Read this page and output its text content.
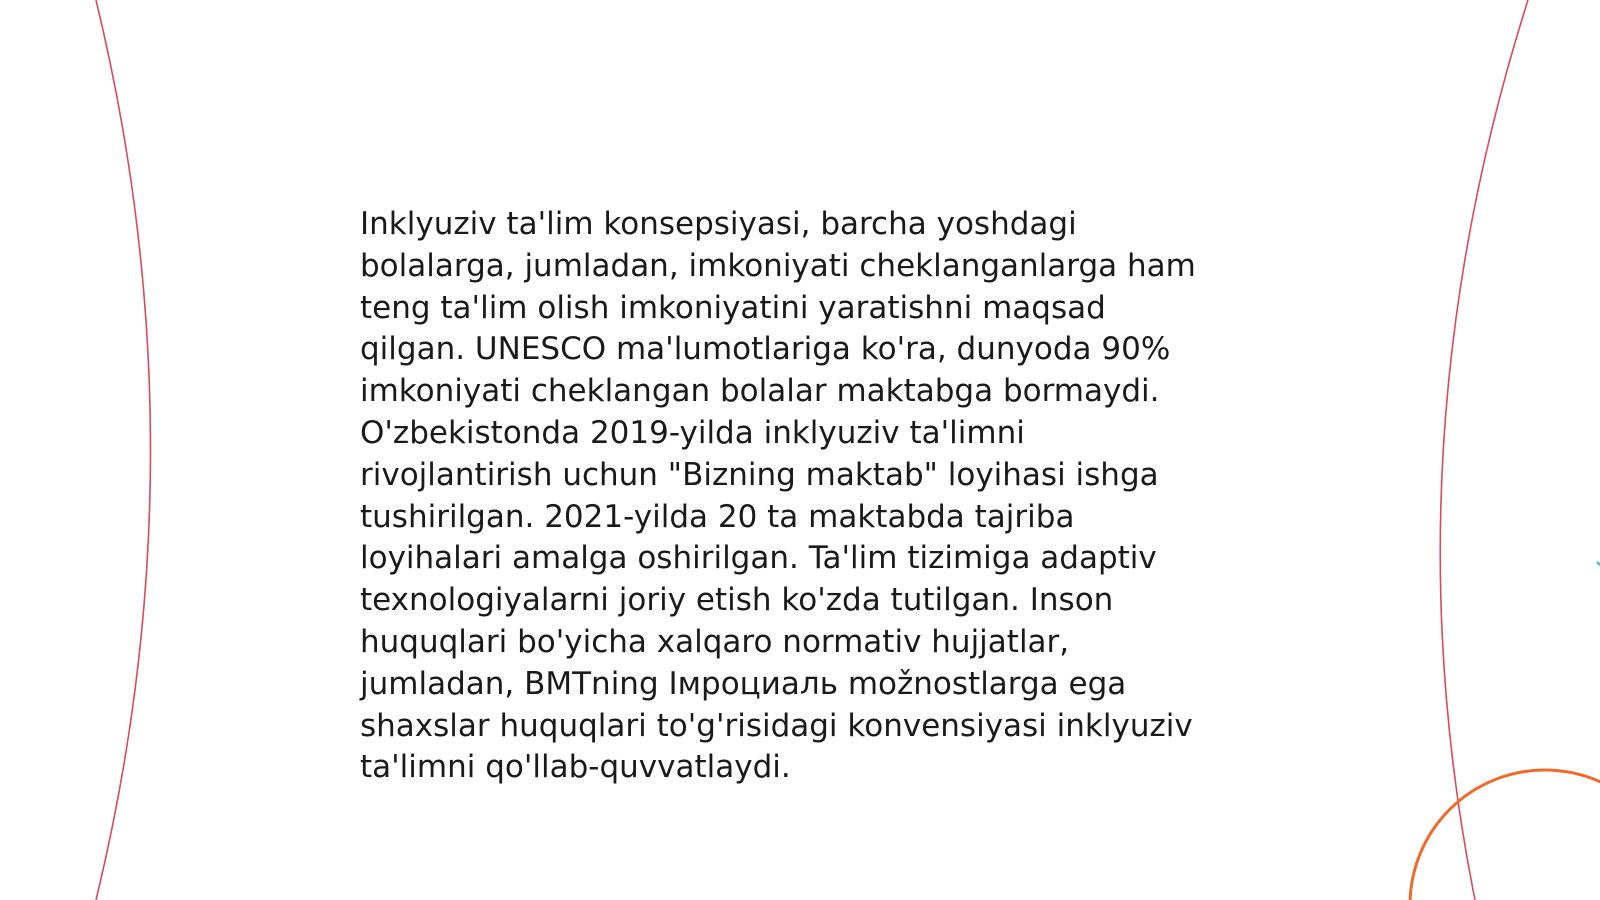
Inklyuziv ta'lim konsepsiyasi, barcha yoshdagi
bolalarga, jumladan, imkoniyati cheklanganlarga ham
teng ta'lim olish imkoniyatini yaratishni maqsad
qilgan. UNESCO ma'lumotlariga ko'ra, dunyoda 90%
imkoniyati cheklangan bolalar maktabga bormaydi.
O'zbekistonda 2019-yilda inklyuziv ta'limni
rivojlantirish uchun "Bizning maktab" loyihasi ishga
tushirilgan. 2021-yilda 20 ta maktabda tajriba
loyihalari amalga oshirilgan. Ta'lim tizimiga adaptiv
texnologiyalarni joriy etish ko'zda tutilgan. Inson
huquqlari bo'yicha xalqaro normativ hujjatlar,
jumladan, BMTning Імроциаль možnostlarga ega
shaxslar huquqlari to'g'risidagi konvensiyasi inklyuziv
ta'limni qo'llab-quvvatlaydi.
